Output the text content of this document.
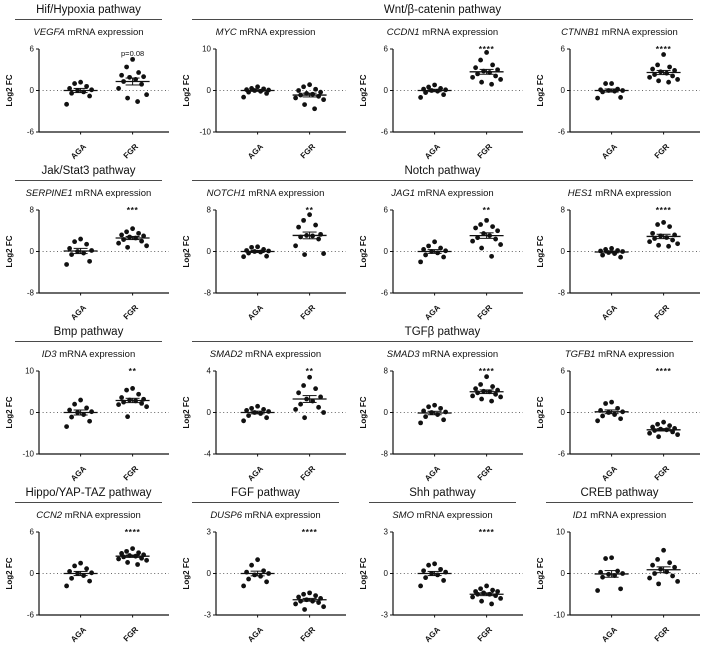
Hif/Hypoxia pathway	Wnt/β-catenin pathway
VEGFA mRNA expression
6
0
-6
Log2 FC
AGA	FGR
p=0.08
MYC mRNA expression
10
0
-10
Log2 FC
AGA	FGR
CCDN1 mRNA expression
6
0
-6
Log2 FC
AGA	FGR
****
CTNNB1 mRNA expression
6
0
-6
Log2 FC
AGA	FGR
****
Jak/Stat3 pathway	Notch pathway
SERPINE1 mRNA expression
8
0
-8
Log2 FC
AGA	FGR
***
NOTCH1 mRNA expression
8
0
-8
Log2 FC
AGA	FGR
**
JAG1 mRNA expression
6
0
-6
Log2 FC
AGA	FGR
**
HES1 mRNA expression
8
0
-8
Log2 FC
AGA	FGR
****
Bmp pathway	TGFβ pathway
ID3 mRNA expression
10
0
-10
Log2 FC
AGA	FGR
**
SMAD2 mRNA expression
4
0
-4
Log2 FC
AGA	FGR
**
SMAD3 mRNA expression
8
0
-8
Log2 FC
AGA	FGR
****
TGFB1 mRNA expression
6
0
-6
Log2 FC
AGA	FGR
****
Hippo/YAP-TAZ pathway	FGF pathway	Shh pathway	CREB pathway
CCN2 mRNA expression
6
0
-6
Log2 FC
AGA	FGR
****
DUSP6 mRNA expression
3
0
-3
Log2 FC
AGA	FGR
****
SMO mRNA expression
3
0
-3
Log2 FC
AGA	FGR
****
ID1 mRNA expression
10
0
-10
Log2 FC
AGA	FGR
